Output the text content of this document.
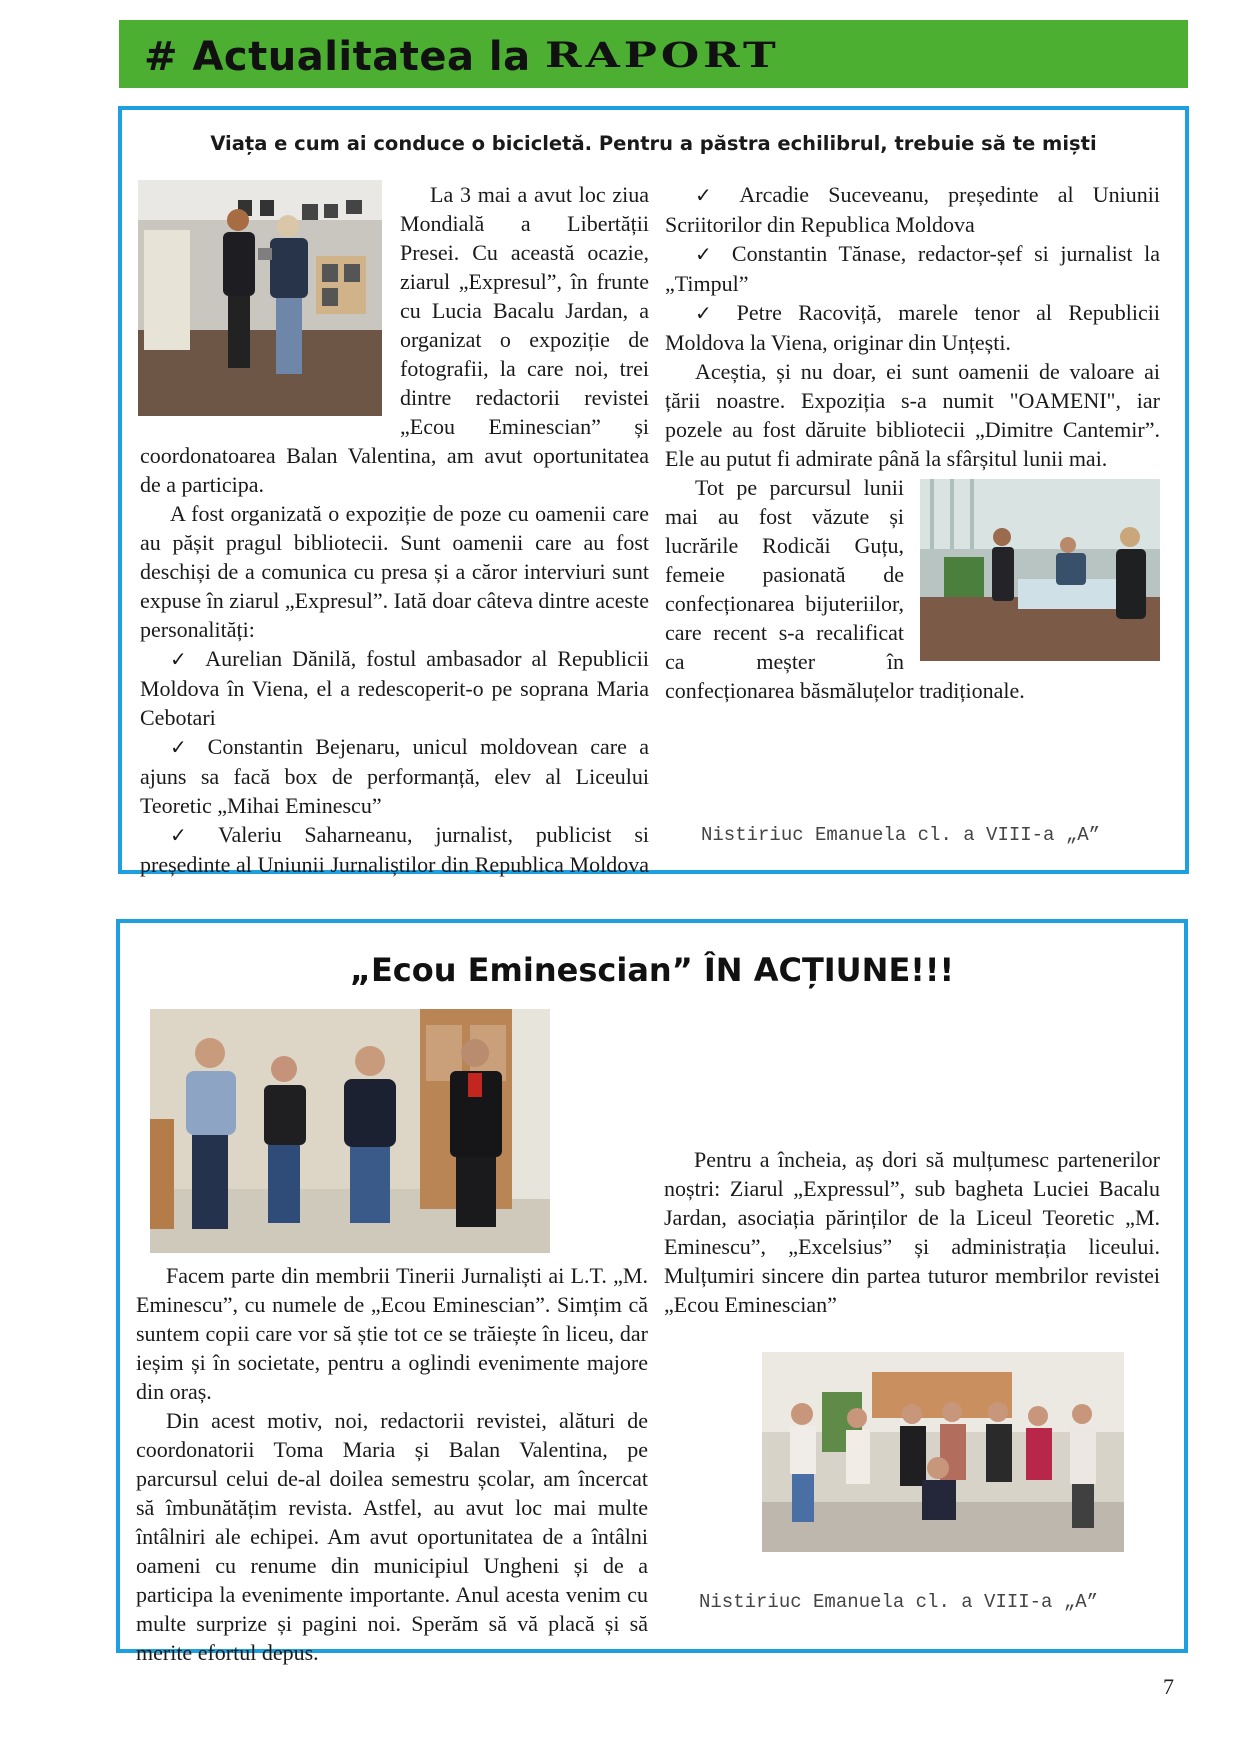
# Actualitatea la RAPORT
Viața e cum ai conduce o bicicletă. Pentru a păstra echilibrul, trebuie să te miști

La 3 mai a avut loc ziua Mondială a Libertății Presei. Cu această ocazie, ziarul „Expresul”, în frunte cu Lucia Bacalu Jardan, a organizat o expoziție de fotografii, la care noi, trei dintre redactorii revistei „Ecou Eminescian” și coordonatoarea Balan Valentina, am avut oportunitatea de a participa.

A fost organizată o expoziție de poze cu oamenii care au pășit pragul bibliotecii. Sunt oamenii care au fost deschiși de a comunica cu presa și a căror interviuri sunt expuse în ziarul „Expresul”. Iată doar câteva dintre aceste personalități:

✓ Aurelian Dănilă, fostul ambasador al Republicii Moldova în Viena, el a redescoperit-o pe soprana Maria Cebotari

✓ Constantin Bejenaru, unicul moldovean care a ajuns sa facă box de performanță, elev al Liceului Teoretic „Mihai Eminescu”

✓ Valeriu Saharneanu, jurnalist, publicist si președinte al Uniunii Jurnaliștilor din Republica Moldova

✓ Arcadie Suceveanu, președinte al Uniunii Scriitorilor din Republica Moldova

✓ Constantin Tănase, redactor-șef si jurnalist la „Timpul”

✓ Petre Racoviță, marele tenor al Republicii Moldova la Viena, originar din Unțești.

Aceștia, și nu doar, ei sunt oamenii de valoare ai țării noastre. Expoziția s-a numit "OAMENI", iar pozele au fost dăruite bibliotecii „Dimitre Cantemir”. Ele au putut fi admirate până la sfârșitul lunii mai.

Tot pe parcursul lunii mai au fost văzute și lucrările Rodicăi Guțu, femeie pasionată de confecționarea bijuteriilor, care recent s-a recalificat ca meșter în confecționarea băsmăluțelor tradiționale.

Nistiriuc Emanuela cl. a VIII-a „A”
„Ecou Eminescian” ÎN ACȚIUNE!!!

Facem parte din membrii Tinerii Jurnaliști ai L.T. „M. Eminescu”, cu numele de „Ecou Eminescian”. Simțim că suntem copii care vor să știe tot ce se trăiește în liceu, dar ieșim și în societate, pentru a oglindi evenimente majore din oraș.

Din acest motiv, noi, redactorii revistei, alături de coordonatorii Toma Maria și Balan Valentina, pe parcursul celui de-al doilea semestru școlar, am încercat să îmbunătățim revista. Astfel, au avut loc mai multe întâlniri ale echipei. Am avut oportunitatea de a întâlni oameni cu renume din municipiul Ungheni și de a participa la evenimente importante. Anul acesta venim cu multe surprize și pagini noi. Sperăm să vă placă și să merite efortul depus.

Pentru a încheia, aș dori să mulțumesc partenerilor noștri: Ziarul „Expressul”, sub bagheta Luciei Bacalu Jardan, asociația părinților de la Liceul Teoretic „M. Eminescu”, „Excelsius” și administrația liceului. Mulțumiri sincere din partea tuturor membrilor revistei „Ecou Eminescian”

Nistiriuc Emanuela cl. a VIII-a „A”
7
